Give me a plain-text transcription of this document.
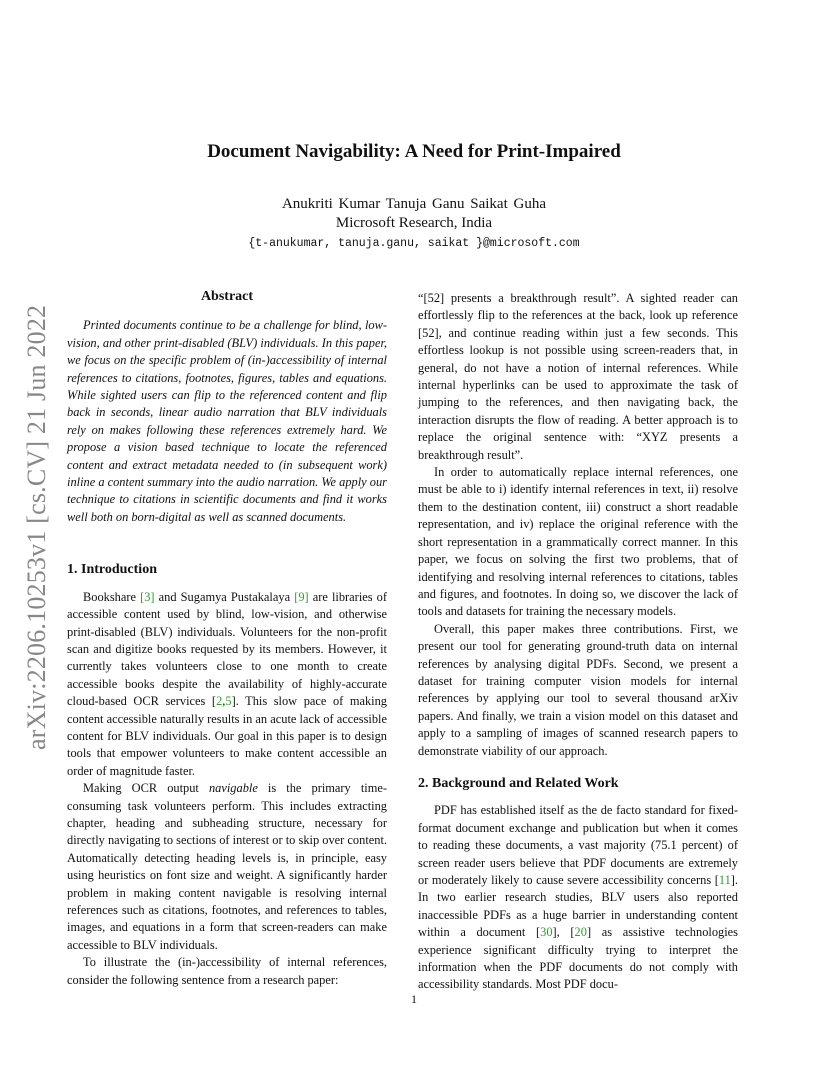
arXiv:2206.10253v1 [cs.CV] 21 Jun 2022
Document Navigability: A Need for Print-Impaired
Anukriti Kumar Tanuja Ganu Saikat Guha
Microsoft Research, India
{t-anukumar, tanuja.ganu, saikat }@microsoft.com
Abstract

Printed documents continue to be a challenge for blind, low-vision, and other print-disabled (BLV) individuals. In this paper, we focus on the specific problem of (in-)accessibility of internal references to citations, footnotes, figures, tables and equations. While sighted users can flip to the referenced content and flip back in seconds, linear audio narration that BLV individuals rely on makes following these references extremely hard. We propose a vision based technique to locate the referenced content and extract metadata needed to (in subsequent work) inline a content summary into the audio narration. We apply our technique to citations in scientific documents and find it works well both on born-digital as well as scanned documents.

1. Introduction

Bookshare [3] and Sugamya Pustakalaya [9] are libraries of accessible content used by blind, low-vision, and otherwise print-disabled (BLV) individuals. Volunteers for the non-profit scan and digitize books requested by its members. However, it currently takes volunteers close to one month to create accessible books despite the availability of highly-accurate cloud-based OCR services [2,5]. This slow pace of making content accessible naturally results in an acute lack of accessible content for BLV individuals. Our goal in this paper is to design tools that empower volunteers to make content accessible an order of magnitude faster.

Making OCR output navigable is the primary time-consuming task volunteers perform. This includes extracting chapter, heading and subheading structure, necessary for directly navigating to sections of interest or to skip over content. Automatically detecting heading levels is, in principle, easy using heuristics on font size and weight. A significantly harder problem in making content navigable is resolving internal references such as citations, footnotes, and references to tables, images, and equations in a form that screen-readers can make accessible to BLV individuals.

To illustrate the (in-)accessibility of internal references, consider the following sentence from a research paper:

“[52] presents a breakthrough result”. A sighted reader can effortlessly flip to the references at the back, look up reference [52], and continue reading within just a few seconds. This effortless lookup is not possible using screen-readers that, in general, do not have a notion of internal references. While internal hyperlinks can be used to approximate the task of jumping to the references, and then navigating back, the interaction disrupts the flow of reading. A better approach is to replace the original sentence with: “XYZ presents a breakthrough result”.

In order to automatically replace internal references, one must be able to i) identify internal references in text, ii) resolve them to the destination content, iii) construct a short readable representation, and iv) replace the original reference with the short representation in a grammatically correct manner. In this paper, we focus on solving the first two problems, that of identifying and resolving internal references to citations, tables and figures, and footnotes. In doing so, we discover the lack of tools and datasets for training the necessary models.

Overall, this paper makes three contributions. First, we present our tool for generating ground-truth data on internal references by analysing digital PDFs. Second, we present a dataset for training computer vision models for internal references by applying our tool to several thousand arXiv papers. And finally, we train a vision model on this dataset and apply to a sampling of images of scanned research papers to demonstrate viability of our approach.

2. Background and Related Work

PDF has established itself as the de facto standard for fixed-format document exchange and publication but when it comes to reading these documents, a vast majority (75.1 percent) of screen reader users believe that PDF documents are extremely or moderately likely to cause severe accessibility concerns [11]. In two earlier research studies, BLV users also reported inaccessible PDFs as a huge barrier in understanding content within a document [30], [20] as assistive technologies experience significant difficulty trying to interpret the information when the PDF documents do not comply with accessibility standards. Most PDF docu-

1
